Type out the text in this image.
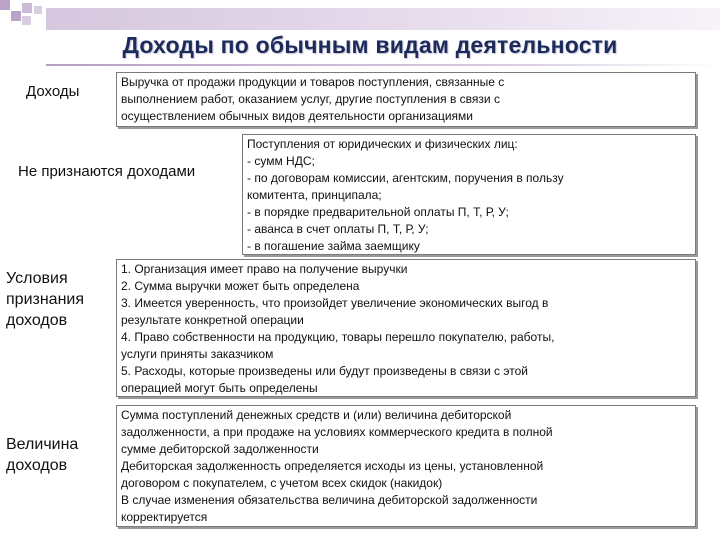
Доходы по обычным видам деятельности
Доходы
Выручка от продажи продукции и товаров поступления, связанные с
выполнением работ, оказанием услуг, другие поступления в связи с
осуществлением обычных видов деятельности организациями
Не признаются доходами
Поступления от юридических и физических лиц:
- сумм НДС;
- по договорам комиссии, агентским, поручения в пользу
комитента, принципала;
- в порядке предварительной оплаты П, Т, Р, У;
- аванса в счет оплаты П, Т, Р, У;
- в погашение займа заемщику
Условия
признания
доходов
1. Организация имеет право на получение выручки
2. Сумма выручки может быть определена
3. Имеется уверенность, что произойдет увеличение экономических выгод в
результате конкретной операции
4. Право собственности на продукцию, товары перешло покупателю, работы,
услуги приняты заказчиком
5. Расходы, которые произведены или будут произведены в связи с этой
операцией могут быть определены
Величина
доходов
Сумма поступлений денежных средств и (или) величина дебиторской
задолженности, а при продаже на условиях коммерческого кредита в полной
сумме дебиторской задолженности
Дебиторская задолженность определяется исходы из цены, установленной
договором с покупателем, с учетом всех скидок (накидок)
В случае изменения обязательства величина дебиторской задолженности
корректируется
